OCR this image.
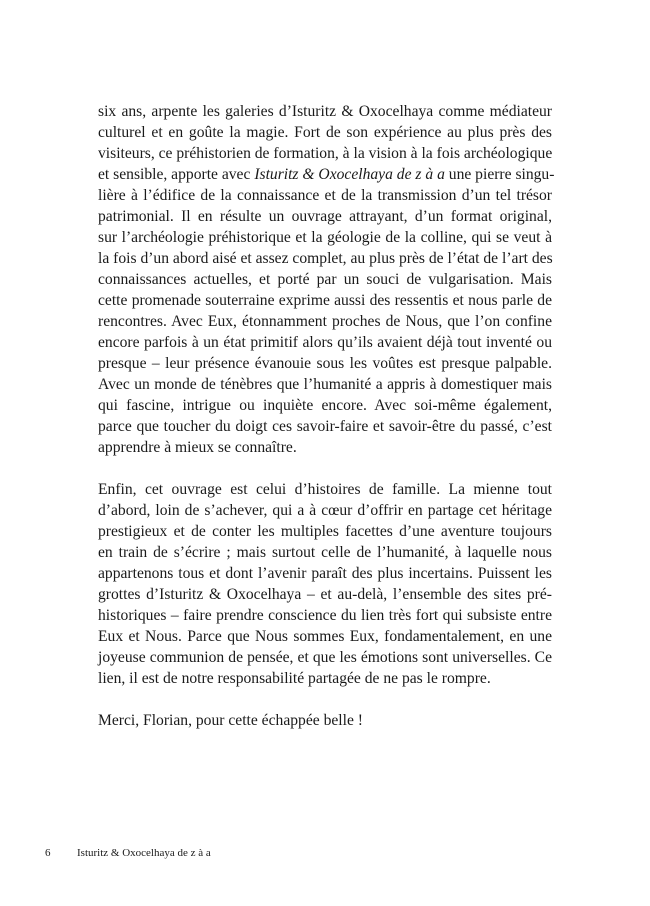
six ans, arpente les galeries d’Isturitz & Oxocelhaya comme médiateur
culturel et en goûte la magie. Fort de son expérience au plus près des
visiteurs, ce préhistorien de formation, à la vision à la fois archéologique
et sensible, apporte avec Isturitz & Oxocelhaya de z à a une pierre singu-
lière à l’édifice de la connaissance et de la transmission d’un tel trésor
patrimonial. Il en résulte un ouvrage attrayant, d’un format original,
sur l’archéologie préhistorique et la géologie de la colline, qui se veut à
la fois d’un abord aisé et assez complet, au plus près de l’état de l’art des
connaissances actuelles, et porté par un souci de vulgarisation. Mais
cette promenade souterraine exprime aussi des ressentis et nous parle de
rencontres. Avec Eux, étonnamment proches de Nous, que l’on confine
encore parfois à un état primitif alors qu’ils avaient déjà tout inventé ou
presque – leur présence évanouie sous les voûtes est presque palpable.
Avec un monde de ténèbres que l’humanité a appris à domestiquer mais
qui fascine, intrigue ou inquiète encore. Avec soi-même également,
parce que toucher du doigt ces savoir-faire et savoir-être du passé, c’est
apprendre à mieux se connaître.
Enfin, cet ouvrage est celui d’histoires de famille. La mienne tout
d’abord, loin de s’achever, qui a à cœur d’offrir en partage cet héritage
prestigieux et de conter les multiples facettes d’une aventure toujours
en train de s’écrire ; mais surtout celle de l’humanité, à laquelle nous
appartenons tous et dont l’avenir paraît des plus incertains. Puissent les
grottes d’Isturitz & Oxocelhaya – et au-delà, l’ensemble des sites pré-
historiques – faire prendre conscience du lien très fort qui subsiste entre
Eux et Nous. Parce que Nous sommes Eux, fondamentalement, en une
joyeuse communion de pensée, et que les émotions sont universelles. Ce
lien, il est de notre responsabilité partagée de ne pas le rompre.
Merci, Florian, pour cette échappée belle !
6 Isturitz & Oxocelhaya de z à a
